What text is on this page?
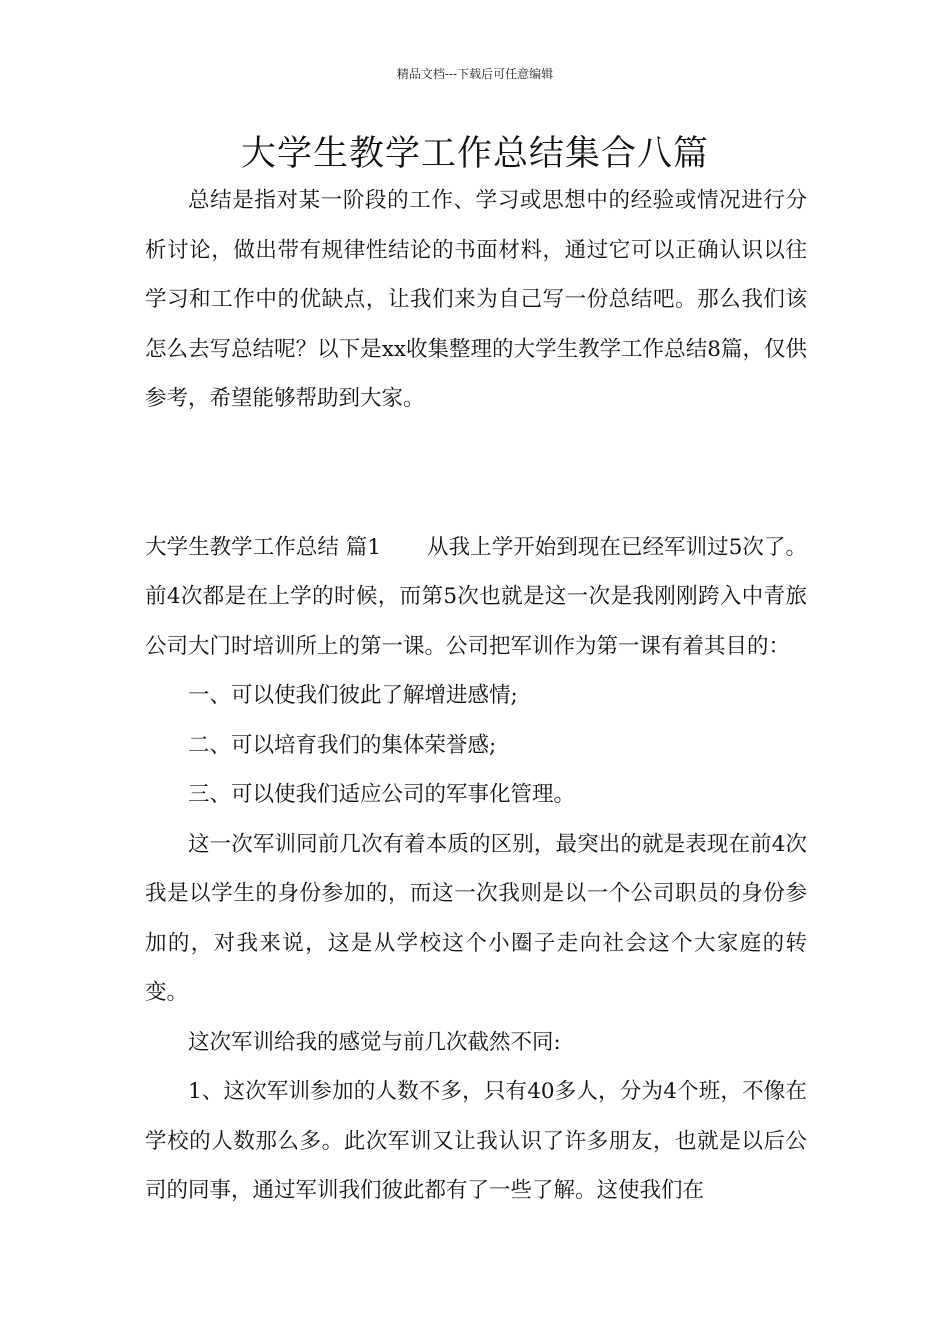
精品文档---下载后可任意编辑
大学生教学工作总结集合八篇

总结是指对某一阶段的工作、学习或思想中的经验或情况进行分析讨论，做出带有规律性结论的书面材料，通过它可以正确认识以往学习和工作中的优缺点，让我们来为自己写一份总结吧。那么我们该怎么去写总结呢？以下是xx收集整理的大学生教学工作总结8篇，仅供参考，希望能够帮助到大家。

大学生教学工作总结 篇1 从我上学开始到现在已经军训过5次了。前4次都是在上学的时候，而第5次也就是这一次是我刚刚跨入中青旅公司大门时培训所上的第一课。公司把军训作为第一课有着其目的：

一、可以使我们彼此了解增进感情;

二、可以培育我们的集体荣誉感;

三、可以使我们适应公司的军事化管理。

这一次军训同前几次有着本质的区别，最突出的就是表现在前4次我是以学生的身份参加的，而这一次我则是以一个公司职员的身份参加的，对我来说，这是从学校这个小圈子走向社会这个大家庭的转变。

这次军训给我的感觉与前几次截然不同:

1、这次军训参加的人数不多，只有40多人，分为4个班，不像在学校的人数那么多。此次军训又让我认识了许多朋友，也就是以后公司的同事，通过军训我们彼此都有了一些了解。这使我们在
